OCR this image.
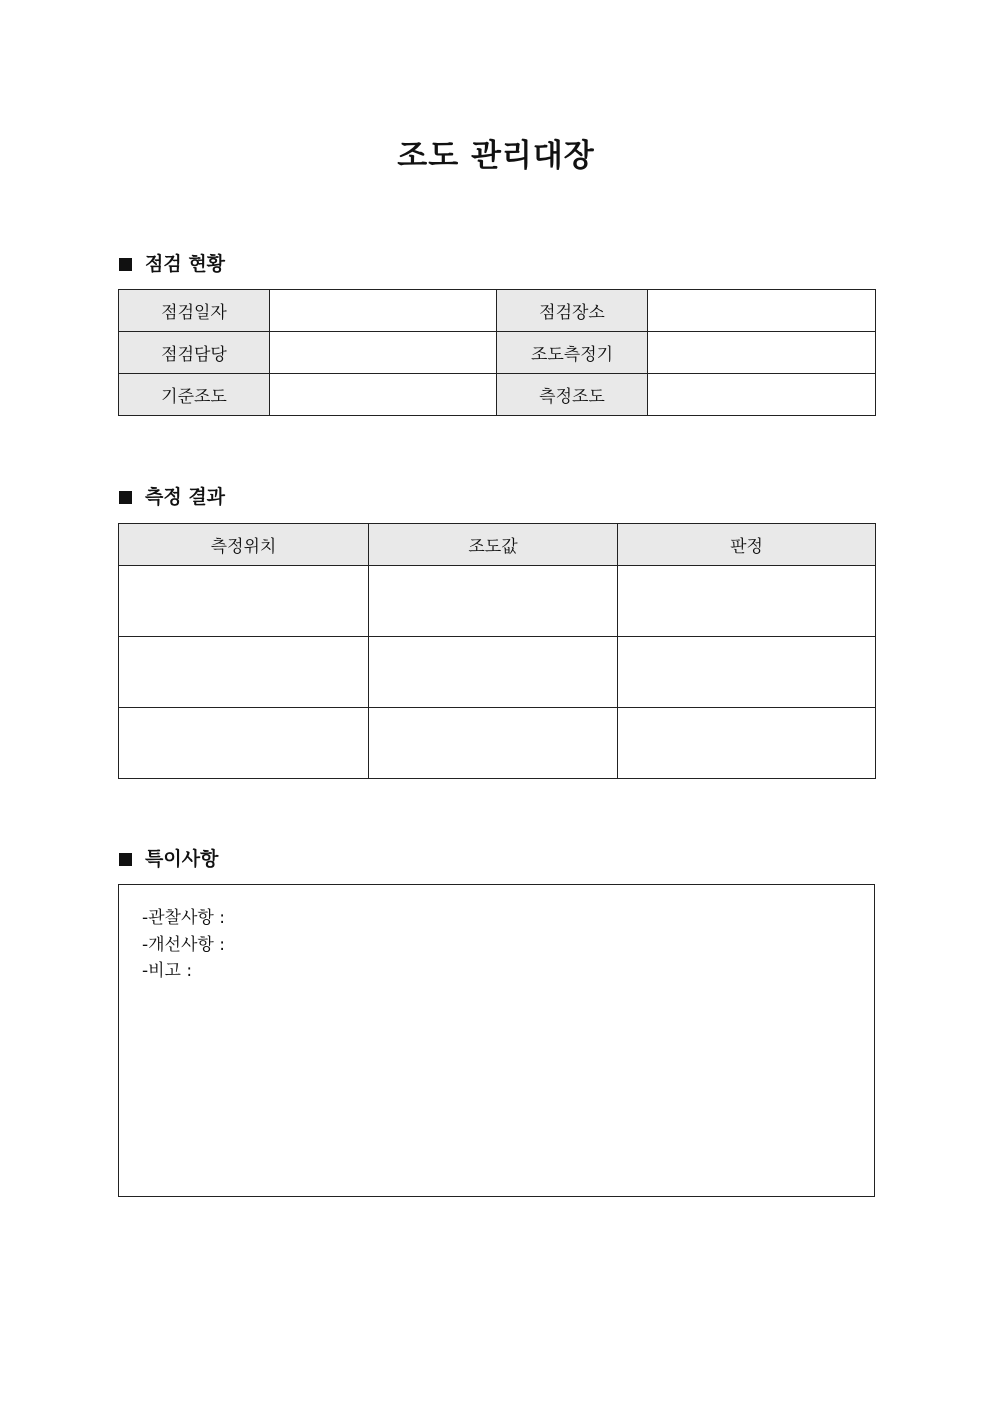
조도 관리대장
점검 현황
점검일자		점검장소	
점검담당		조도측정기	
기준조도		측정조도	
측정 결과
측정위치	조도값	판정

특이사항
-관찰사항 :
-개선사항 :
-비고 :
